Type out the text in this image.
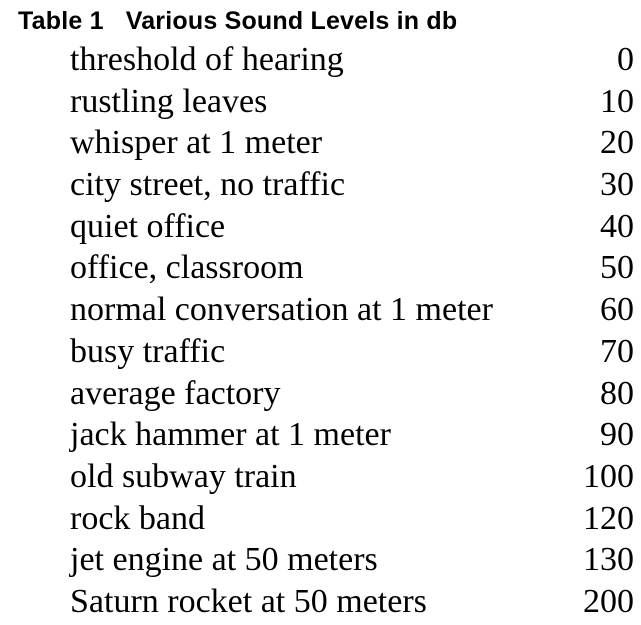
Table 1 Various Sound Levels in db
threshold of hearing	0
rustling leaves	10
whisper at 1 meter	20
city street, no traffic	30
quiet office	40
office, classroom	50
normal conversation at 1 meter	60
busy traffic	70
average factory	80
jack hammer at 1 meter	90
old subway train	100
rock band	120
jet engine at 50 meters	130
Saturn rocket at 50 meters	200
